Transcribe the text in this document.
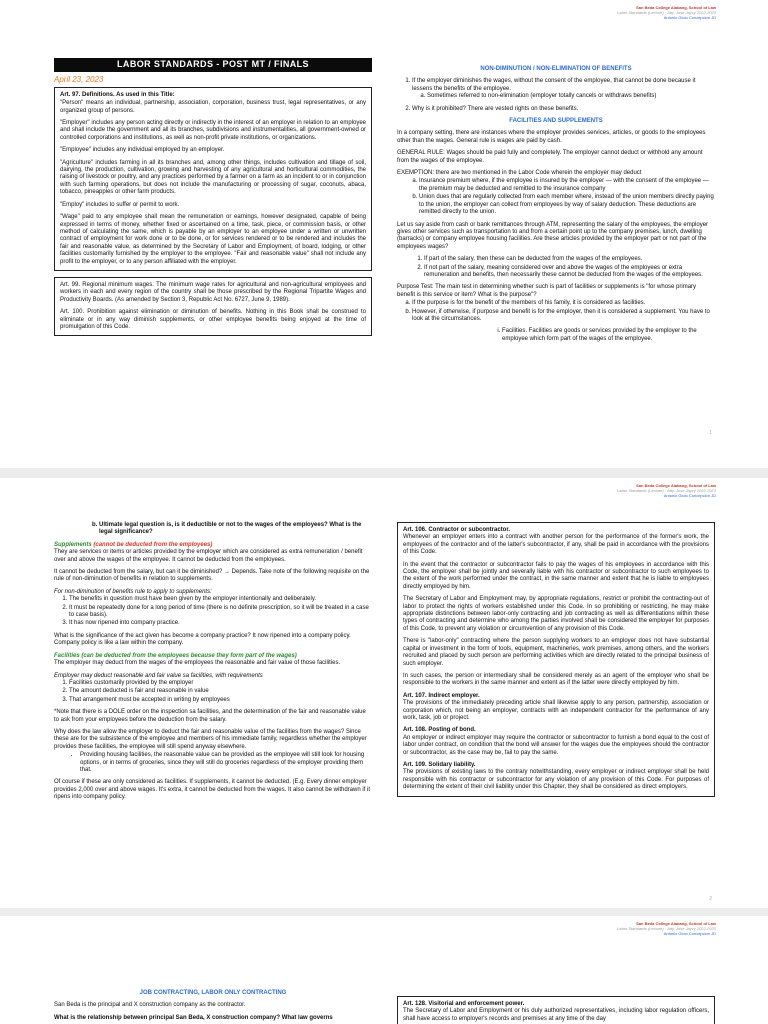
San Beda College Alabang, School of Law
Labor Standards (Lecture) · Atty. Jose Jayvy 2022-2023
Antonio Gloio Concepcion JD
LABOR STANDARDS - POST MT / FINALS
April 23, 2023

Art. 97. Definitions. As used in this Title:

"Person" means an individual, partnership, association, corporation, business trust, legal representatives, or any organized group of persons.

"Employer" includes any person acting directly or indirectly in the interest of an employer in relation to an employee and shall include the government and all its branches, subdivisions and instrumentalities, all government-owned or controlled corporations and institutions, as well as non-profit private institutions, or organizations.

"Employee" includes any individual employed by an employer.

"Agriculture" includes farming in all its branches and, among other things, includes cultivation and tillage of soil, dairying, the production, cultivation, growing and harvesting of any agricultural and horticultural commodities, the raising of livestock or poultry, and any practices performed by a farmer on a farm as an incident to or in conjunction with such farming operations, but does not include the manufacturing or processing of sugar, coconuts, abaca, tobacco, pineapples or other farm products.

"Employ" includes to suffer or permit to work.

"Wage" paid to any employee shall mean the remuneration or earnings, however designated, capable of being expressed in terms of money, whether fixed or ascertained on a time, task, piece, or commission basis, or other method of calculating the same, which is payable by an employer to an employee under a written or unwritten contract of employment for work done or to be done, or for services rendered or to be rendered and includes the fair and reasonable value, as determined by the Secretary of Labor and Employment, of board, lodging, or other facilities customarily furnished by the employer to the employee. "Fair and reasonable value" shall not include any profit to the employer, or to any person affiliated with the employer.

Art. 99. Regional minimum wages. The minimum wage rates for agricultural and non-agricultural employees and workers in each and every region of the country shall be those prescribed by the Regional Tripartite Wages and Productivity Boards. (As amended by Section 3, Republic Act No. 6727, June 9, 1989).

Art. 100. Prohibition against elimination or diminution of benefits. Nothing in this Book shall be construed to eliminate or in any way diminish supplements, or other employee benefits being enjoyed at the time of promulgation of this Code.

NON-DIMINUTION / NON-ELIMINATION OF BENEFITS
1. If the employer diminishes the wages, without the consent of the employee, that cannot be done because it lessens the benefits of the employee.
a. Sometimes referred to non-elimination (employer totally cancels or withdraws benefits)
2. Why is it prohibited? There are vested rights on these benefits.
FACILITIES AND SUPPLEMENTS

In a company setting, there are instances where the employer provides services, articles, or goods to the employees other than the wages. General rule is wages are paid by cash.

GENERAL RULE: Wages should be paid fully and completely. The employer cannot deduct or withhold any amount from the wages of the employee.

EXEMPTION: there are two mentioned in the Labor Code wherein the employer may deduct

a. Insurance premium where, if the employee is insured by the employer — with the consent of the employee — the premium may be deducted and remitted to the insurance company
b. Union dues that are regularly collected from each member where, instead of the union members directly paying to the union, the employer can collect from employees by way of salary deduction. These deductions are remitted directly to the union.

Let us say aside from cash or bank remittances through ATM, representing the salary of the employees, the employer gives other services such as transportation to and from a certain point up to the company premises, lunch, dwelling (barracks) or company employee housing facilities. Are these articles provided by the employer part or not part of the employees wages?

1. If part of the salary, then these can be deducted from the wages of the employees.
2. If not part of the salary, meaning considered over and above the wages of the employees or extra remuneration and benefits, then necessarily these cannot be deducted from the wages of the employees.

Purpose Test: The main test in determining whether such is part of facilities or supplements is "for whose primary benefit is this service or item? What is the purpose"?

a. If the purpose is for the benefit of the members of his family, it is considered as facilities.
b. However, if otherwise, if purpose and benefit is for the employer, then it is considered a supplement. You have to look at the circumstances.
i. Facilities. Facilities are goods or services provided by the employer to the employee which form part of the wages of the employee.
1
San Beda College Alabang, School of Law
Labor Standards (Lecture) · Atty. Jose Jayvy 2022-2023
Antonio Gloio Concepcion JD
b. Ultimate legal question is, is it deductible or not to the wages of the employees? What is the legal significance?

Supplements (cannot be deducted from the employees)

They are services or items or articles provided by the employer which are considered as extra remuneration / benefit over and above the wages of the employee. It cannot be deducted from the employees.

It cannot be deducted from the salary, but can it be diminished? → Depends. Take note of the following requisite on the rule of non-diminution of benefits in relation to supplements.

For non-diminution of benefits rule to apply to supplements:

1. The benefits in question must have been given by the employer intentionally and deliberately.
2. It must be repeatedly done for a long period of time (there is no definite prescription, so it will be treated in a case to case basis).
3. It has now ripened into company practice.

What is the significance of the act given has become a company practice? It now ripened into a company policy. Company policy is like a law within the company.

Facilities (can be deducted from the employees because they form part of the wages)

The employer may deduct from the wages of the employees the reasonable and fair value of those facilities.

Employer may deduct reasonable and fair value sa facilities, with requirements

1. Facilities customarily provided by the employer
2. The amount deducted is fair and reasonable in value
3. That arrangement must be accepted in writing by employees

*Note that there is a DOLE order on the inspection sa facilities, and the determination of the fair and reasonable value to ask from your employees before the deduction from the salary.

Why does the law allow the employer to deduct the fair and reasonable value of the facilities from the wages? Since these are for the subsistence of the employee and members of his immediate family, regardless whether the employer provides these facilities, the employee will still spend anyway elsewhere.

• Providing housing facilities, the reasonable value can be provided as the employee will still look for housing options, or in terms of groceries, since they will still do groceries regardless of the employer providing them that.

Of course if these are only considered as facilities. If supplements, it cannot be deducted. (E.g. Every dinner employer provides 2,000 over and above wages. It's extra, it cannot be deducted from the wages. It also cannot be withdrawn if it ripens into company policy.

Art. 106. Contractor or subcontractor.

Whenever an employer enters into a contract with another person for the performance of the former's work, the employees of the contractor and of the latter's subcontractor, if any, shall be paid in accordance with the provisions of this Code.

In the event that the contractor or subcontractor fails to pay the wages of his employees in accordance with this Code, the employer shall be jointly and severally liable with his contractor or subcontractor to such employees to the extent of the work performed under the contract, in the same manner and extent that he is liable to employees directly employed by him.

The Secretary of Labor and Employment may, by appropriate regulations, restrict or prohibit the contracting-out of labor to protect the rights of workers established under this Code. In so prohibiting or restricting, he may make appropriate distinctions between labor-only contracting and job contracting as well as differentiations within these types of contracting and determine who among the parties involved shall be considered the employer for purposes of this Code, to prevent any violation or circumvention of any provision of this Code.

There is "labor-only" contracting where the person supplying workers to an employer does not have substantial capital or investment in the form of tools, equipment, machineries, work premises, among others, and the workers recruited and placed by such person are performing activities which are directly related to the principal business of such employer.

In such cases, the person or intermediary shall be considered merely as an agent of the employer who shall be responsible to the workers in the same manner and extent as if the latter were directly employed by him.

Art. 107. Indirect employer.

The provisions of the immediately preceding article shall likewise apply to any person, partnership, association or corporation which, not being an employer, contracts with an independent contractor for the performance of any work, task, job or project.

Art. 108. Posting of bond.

An employer or indirect employer may require the contractor or subcontractor to furnish a bond equal to the cost of labor under contract, on condition that the bond will answer for the wages due the employees should the contractor or subcontractor, as the case may be, fail to pay the same.

Art. 109. Solidary liability.

The provisions of existing laws to the contrary notwithstanding, every employer or indirect employer shall be held responsible with his contractor or subcontractor for any violation of any provision of this Code. For purposes of determining the extent of their civil liability under this Chapter, they shall be considered as direct employers.

2
San Beda College Alabang, School of Law
Labor Standards (Lecture) · Atty. Jose Jayvy 2022-2023
Antonio Gloio Concepcion JD
JOB CONTRACTING, LABOR ONLY CONTRACTING

San Beda is the principal and X construction company as the contractor.

What is the relationship between principal San Beda, X construction company? What law governs

Art. 128. Visitorial and enforcement power.

The Secretary of Labor and Employment or his duly authorized representatives, including labor regulation officers, shall have access to employer's records and premises at any time of the day
